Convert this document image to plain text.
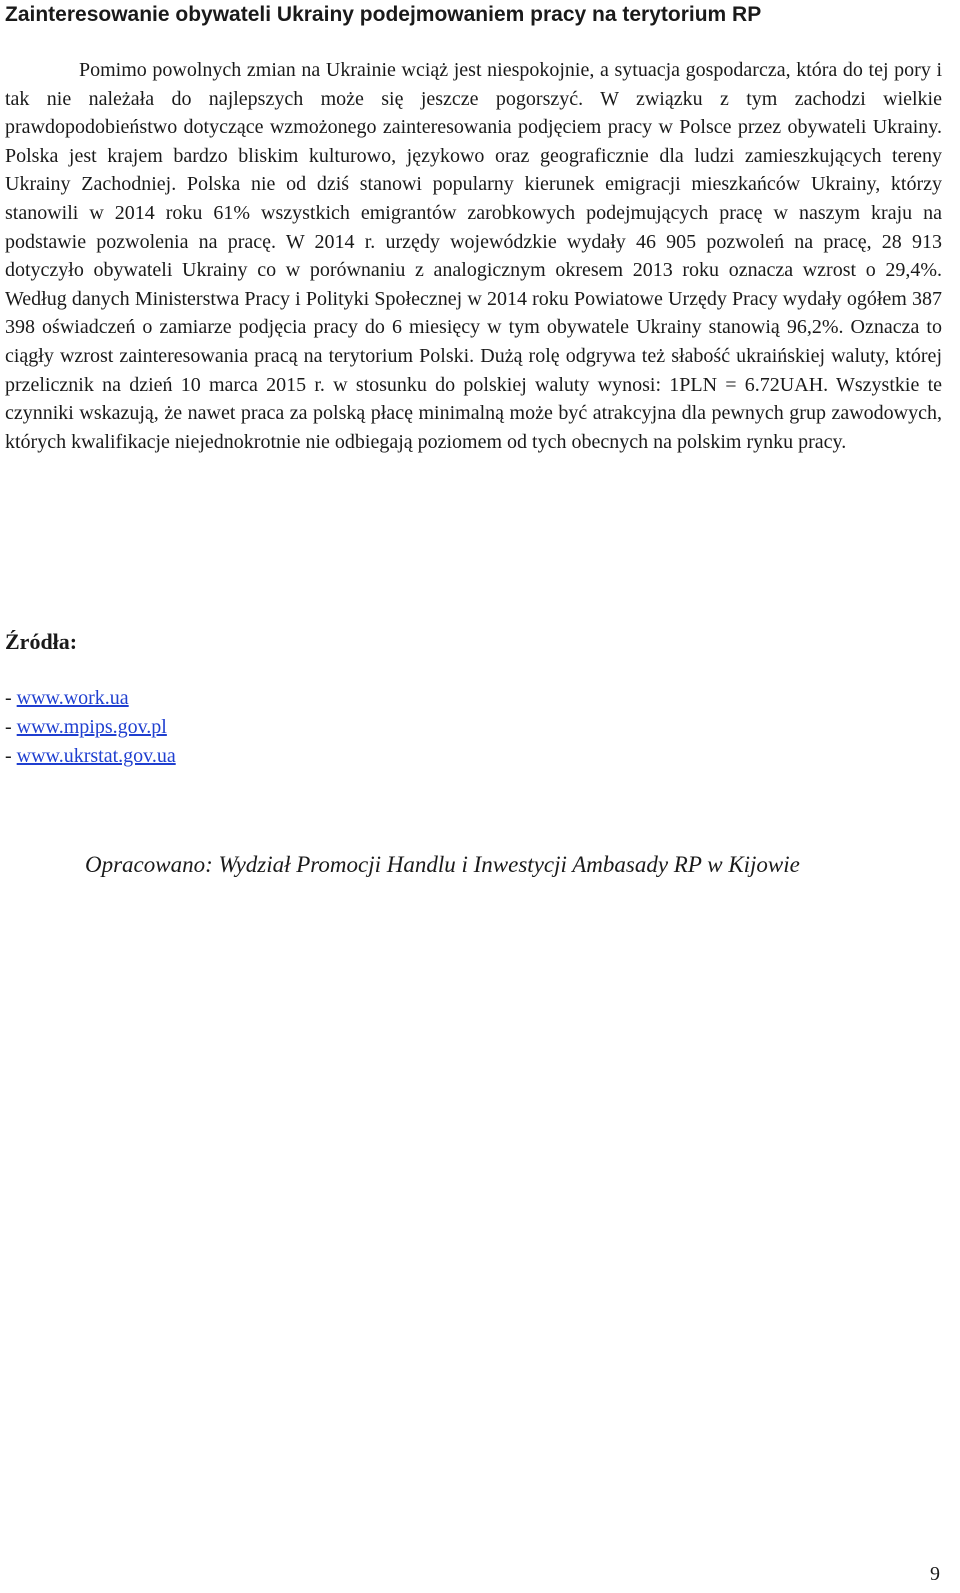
Zainteresowanie obywateli Ukrainy podejmowaniem pracy na terytorium RP

Pomimo powolnych zmian na Ukrainie wciąż jest niespokojnie, a sytuacja gospodarcza, która do tej pory i tak nie należała do najlepszych może się jeszcze pogorszyć. W związku z tym zachodzi wielkie prawdopodobieństwo dotyczące wzmożonego zainteresowania podjęciem pracy w Polsce przez obywateli Ukrainy. Polska jest krajem bardzo bliskim kulturowo, językowo oraz geograficznie dla ludzi zamieszkujących tereny Ukrainy Zachodniej. Polska nie od dziś stanowi popularny kierunek emigracji mieszkańców Ukrainy, którzy stanowili w 2014 roku 61% wszystkich emigrantów zarobkowych podejmujących pracę w naszym kraju na podstawie pozwolenia na pracę. W 2014 r. urzędy wojewódzkie wydały 46 905 pozwoleń na pracę, 28 913 dotyczyło obywateli Ukrainy co w porównaniu z analogicznym okresem 2013 roku oznacza wzrost o 29,4%. Według danych Ministerstwa Pracy i Polityki Społecznej w 2014 roku Powiatowe Urzędy Pracy wydały ogółem 387 398 oświadczeń o zamiarze podjęcia pracy do 6 miesięcy w tym obywatele Ukrainy stanowią 96,2%. Oznacza to ciągły wzrost zainteresowania pracą na terytorium Polski. Dużą rolę odgrywa też słabość ukraińskiej waluty, której przelicznik na dzień 10 marca 2015 r. w stosunku do polskiej waluty wynosi: 1PLN = 6.72UAH. Wszystkie te czynniki wskazują, że nawet praca za polską płacę minimalną może być atrakcyjna dla pewnych grup zawodowych, których kwalifikacje niejednokrotnie nie odbiegają poziomem od tych obecnych na polskim rynku pracy.

Źródła:
- www.work.ua
- www.mpips.gov.pl
- www.ukrstat.gov.ua
Opracowano: Wydział Promocji Handlu i Inwestycji Ambasady RP w Kijowie
9
